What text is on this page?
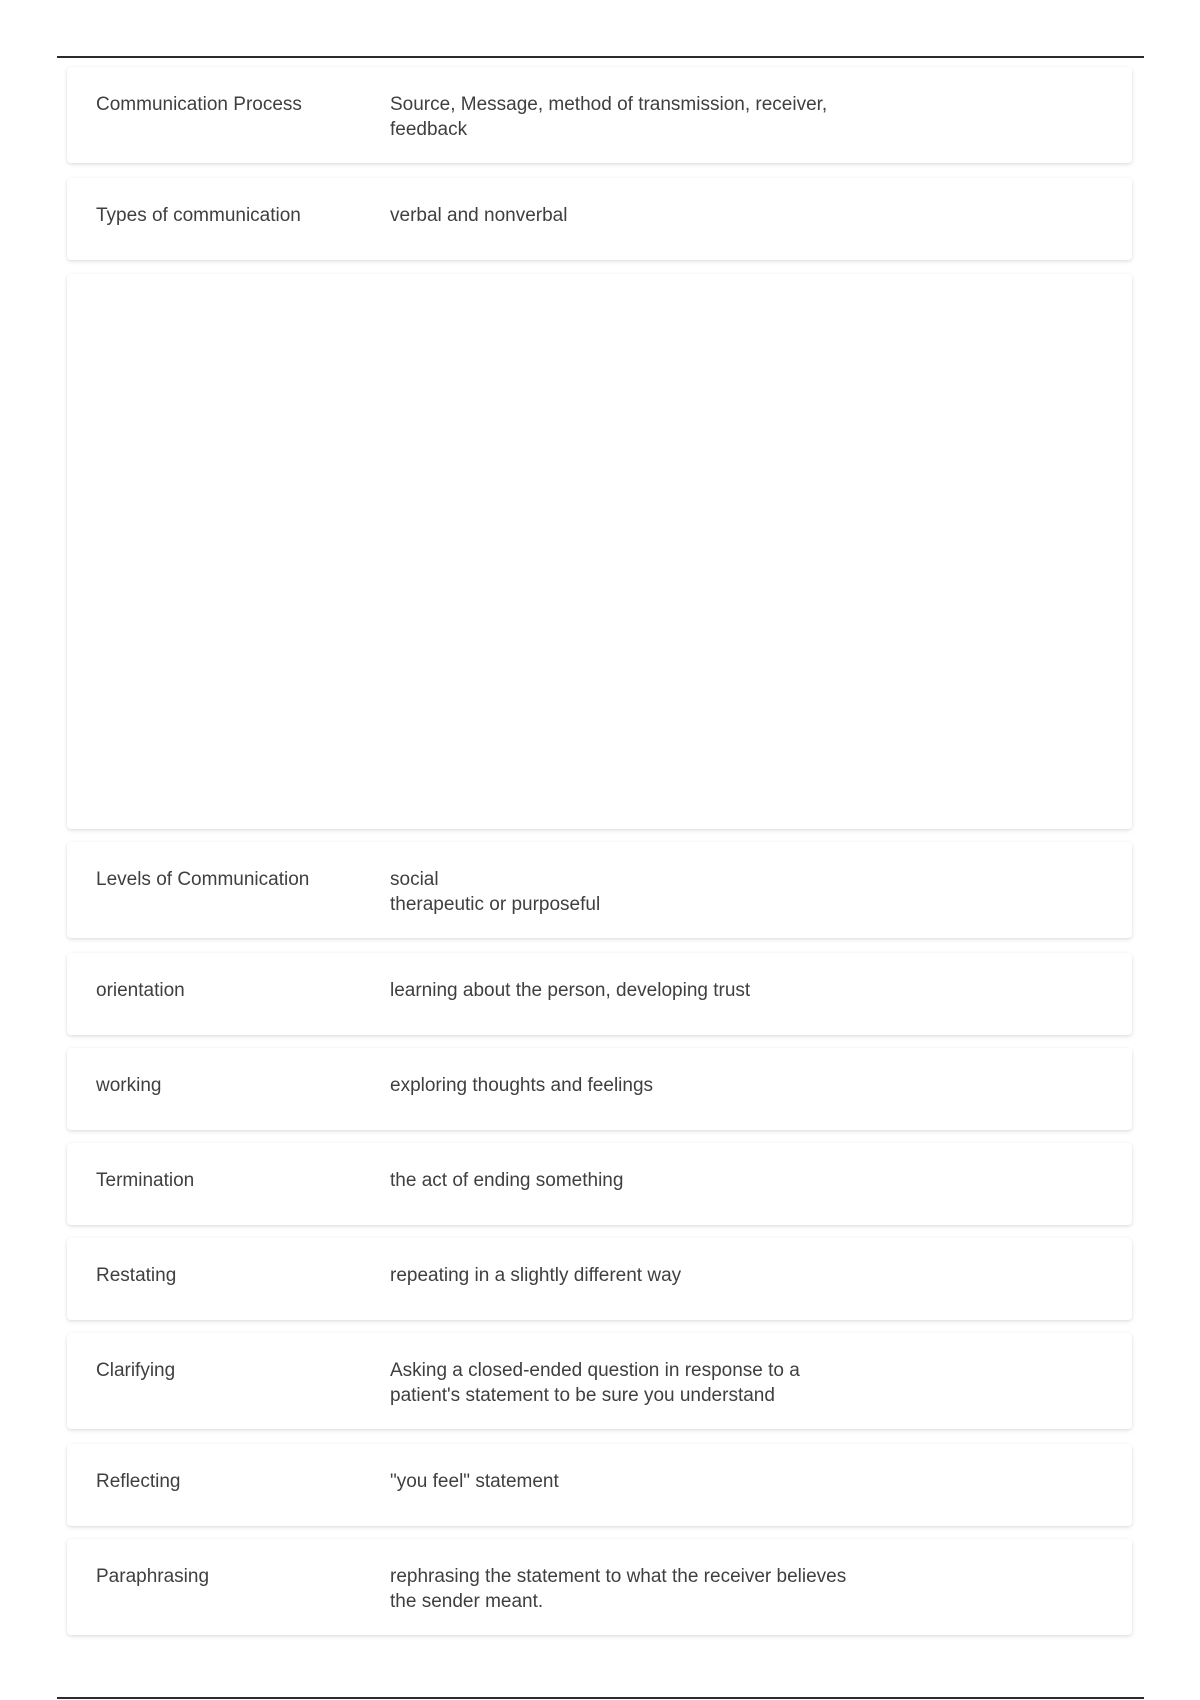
Communication Process	Source, Message, method of transmission, receiver,
feedback
Types of communication	verbal and nonverbal
Levels of Communication	social
therapeutic or purposeful
orientation	learning about the person, developing trust
working	exploring thoughts and feelings
Termination	the act of ending something
Restating	repeating in a slightly different way
Clarifying	Asking a closed-ended question in response to a
patient's statement to be sure you understand
Reflecting	"you feel" statement
Paraphrasing	rephrasing the statement to what the receiver believes
the sender meant.
